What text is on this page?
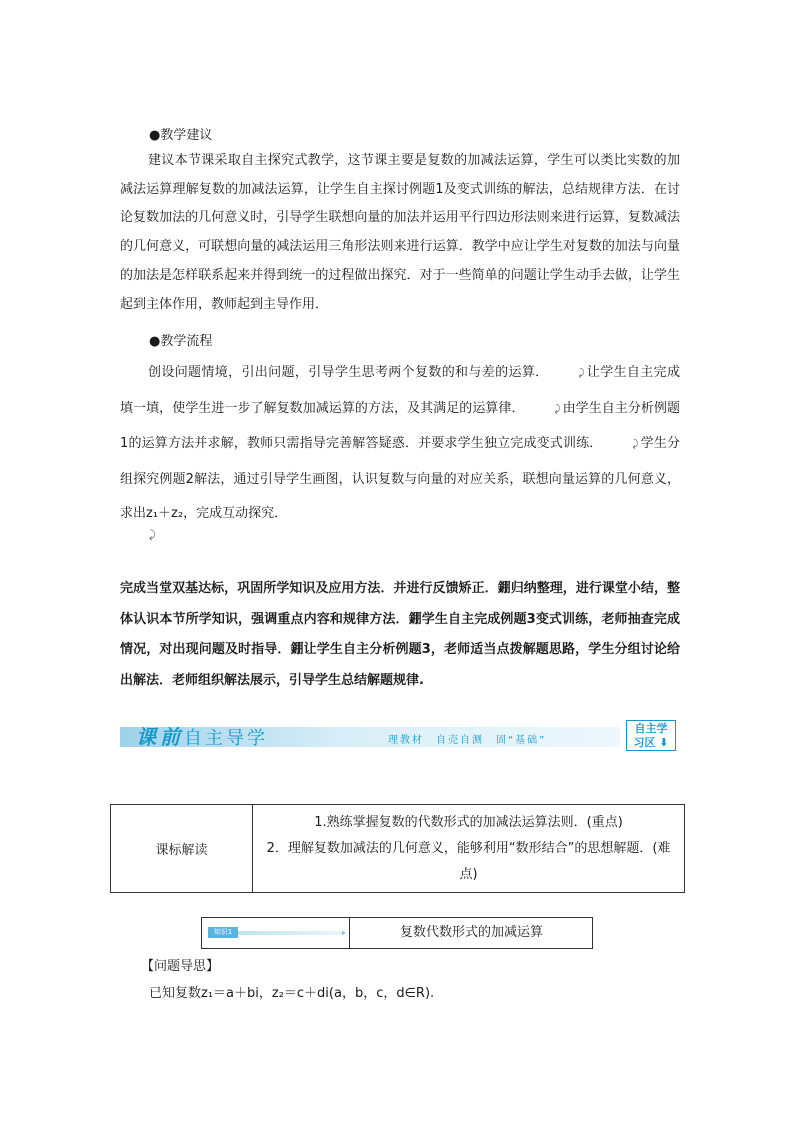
●教学建议

建议本节课采取自主探究式教学，这节课主要是复数的加减法运算，学生可以类比实数的加减法运算理解复数的加减法运算，让学生自主探讨例题1及变式训练的解法，总结规律方法．在讨论复数加法的几何意义时，引导学生联想向量的加法并运用平行四边形法则来进行运算，复数减法的几何意义，可联想向量的减法运用三角形法则来进行运算．教学中应让学生对复数的加法与向量的加法是怎样联系起来并得到统一的过程做出探究．对于一些简单的问题让学生动手去做，让学生起到主体作用，教师起到主导作用．

●教学流程

创设问题情境，引出问题，引导学生思考两个复数的和与差的运算．	⤸ 让学生自主完成填一填，使学生进一步了解复数加减运算的方法，及其满足的运算律．	⤸ 由学生自主分析例题1的运算方法并求解，教师只需指导完善解答疑惑．并要求学生独立完成变式训练．	⤸ 学生分组探究例题2解法，通过引导学生画图，认识复数与向量的对应关系，联想向量运算的几何意义，求出z₁＋z₂，完成互动探究．

⤸

完成当堂双基达标，巩固所学知识及应用方法．并进行反馈矫正．錋归纳整理，进行课堂小结，整体认识本节所学知识，强调重点内容和规律方法．錋学生自主完成例题3变式训练，老师抽查完成情况，对出现问题及时指导．錋让学生自主分析例题3，老师适当点拨解题思路，学生分组讨论给出解法．老师组织解法展示，引导学生总结解题规律.

课前自主导学	理教材　自売自测　固“基础”
自主学
习区 ⬇
课标解读	

1.熟练掌握复数的代数形式的加减法运算法则．(重点)

2．理解复数加减法的几何意义，能够利用“数形结合”的思想解题．(难点)

知识1	▸	复数代数形式的加减运算
【问题导思】
已知复数z₁＝a＋bi，z₂＝c＋di(a，b，c，d∈R).
